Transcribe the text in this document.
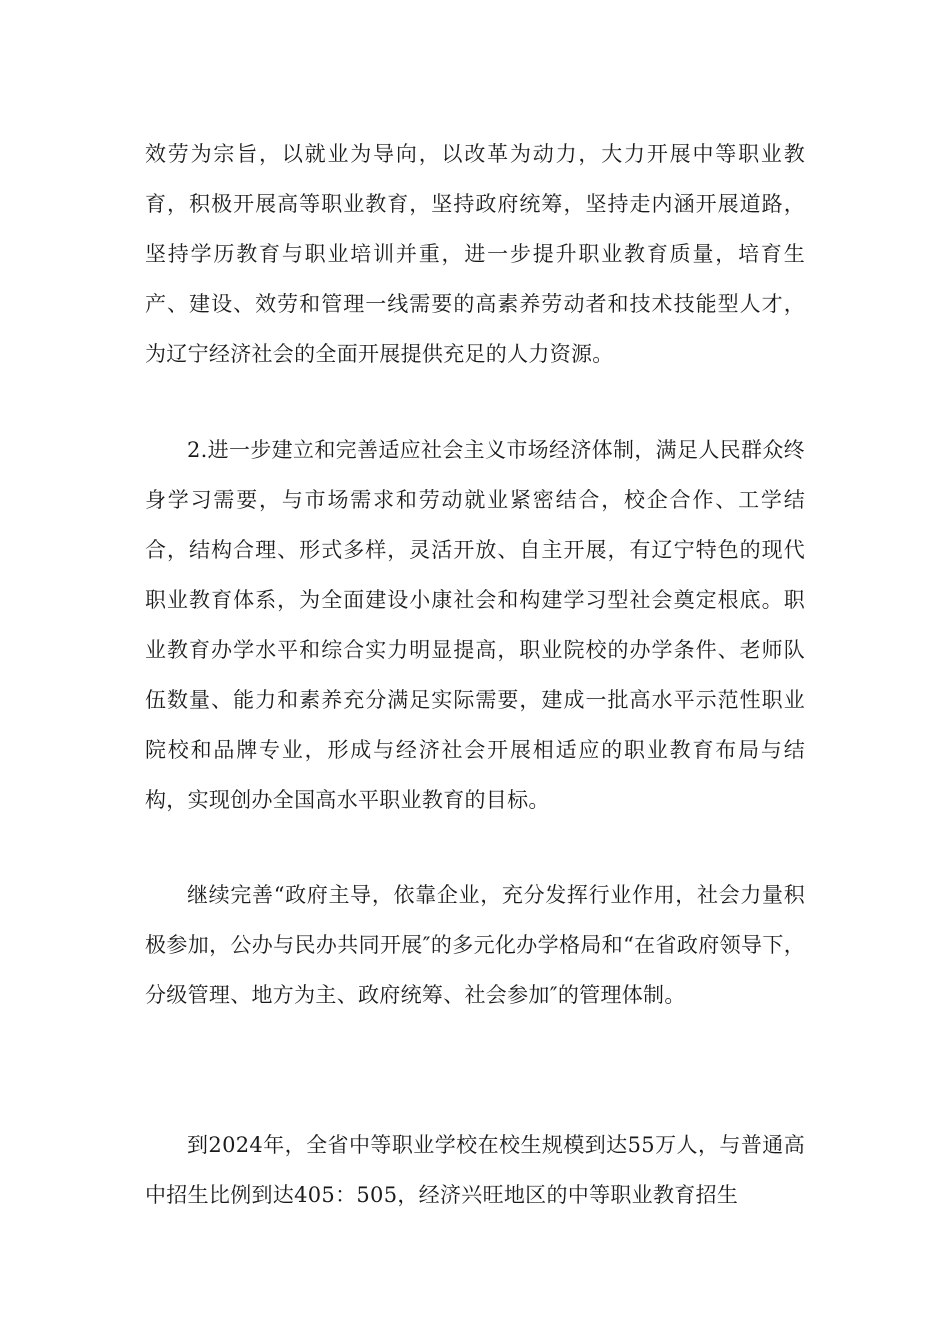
效劳为宗旨，以就业为导向，以改革为动力，大力开展中等职业教育，积极开展高等职业教育，坚持政府统筹，坚持走内涵开展道路，坚持学历教育与职业培训并重，进一步提升职业教育质量，培育生产、建设、效劳和管理一线需要的高素养劳动者和技术技能型人才，为辽宁经济社会的全面开展提供充足的人力资源。

2.进一步建立和完善适应社会主义市场经济体制，满足人民群众终身学习需要，与市场需求和劳动就业紧密结合，校企合作、工学结合，结构合理、形式多样，灵活开放、自主开展，有辽宁特色的现代职业教育体系，为全面建设小康社会和构建学习型社会奠定根底。职业教育办学水平和综合实力明显提高，职业院校的办学条件、老师队伍数量、能力和素养充分满足实际需要，建成一批高水平示范性职业院校和品牌专业，形成与经济社会开展相适应的职业教育布局与结构，实现创办全国高水平职业教育的目标。

继续完善“政府主导，依靠企业，充分发挥行业作用，社会力量积极参加，公办与民办共同开展″的多元化办学格局和“在省政府领导下，分级管理、地方为主、政府统筹、社会参加″的管理体制。

到2024年，全省中等职业学校在校生规模到达55万人，与普通高中招生比例到达405：505，经济兴旺地区的中等职业教育招生
